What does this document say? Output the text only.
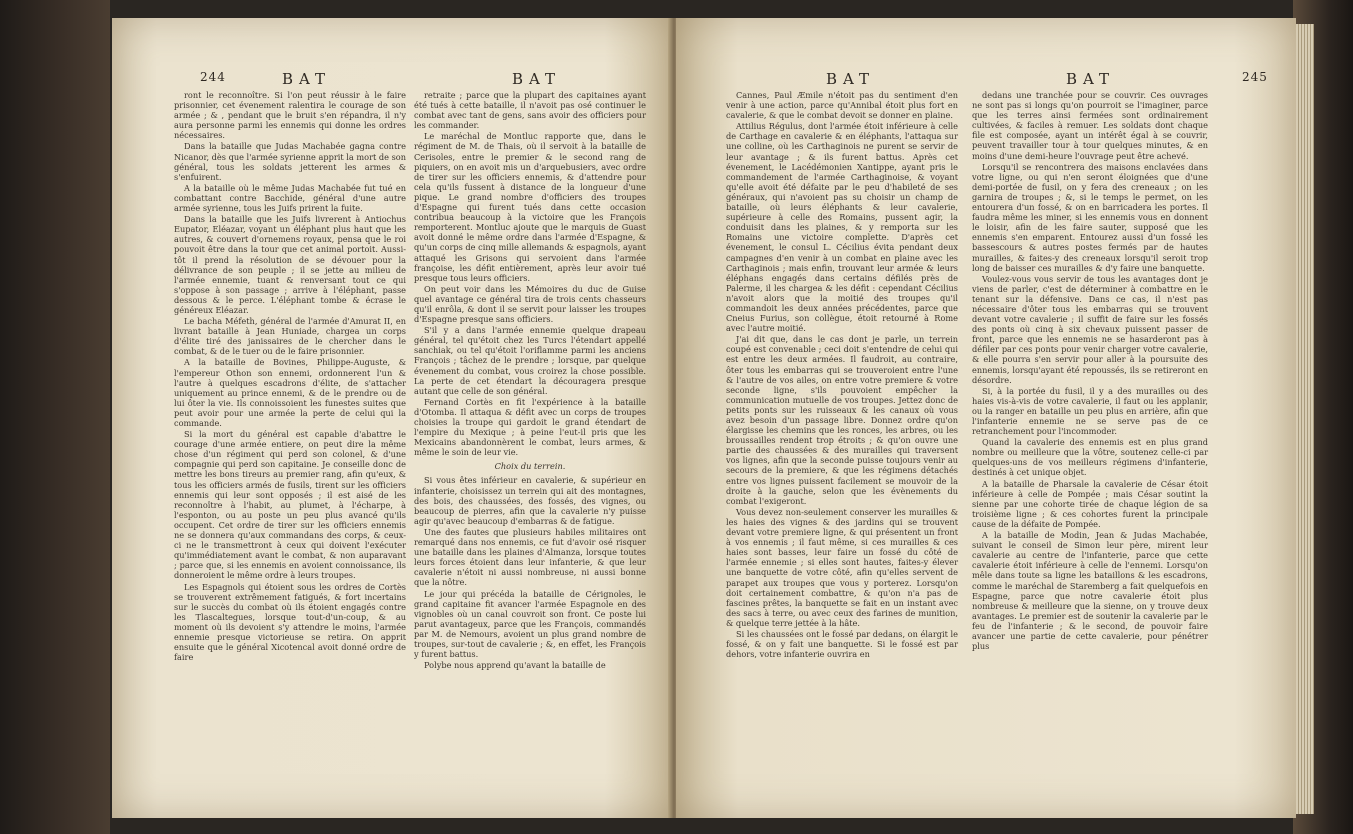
244	BAT	BAT

ront le reconnoître. Si l'on peut réussir à le faire prisonnier, cet évenement ralentira le courage de son armée ; & , pendant que le bruit s'en répandra, il n'y aura personne parmi les ennemis qui donne les ordres nécessaires.

Dans la bataille que Judas Machabée gagna contre Nicanor, dès que l'armée syrienne apprit la mort de son général, tous les soldats jetterent les armes & s'enfuirent.

A la bataille où le même Judas Machabée fut tué en combattant contre Bacchide, général d'une autre armée syrienne, tous les Juifs prirent la fuite.

Dans la bataille que les Juifs livrerent à Antiochus Eupator, Eléazar, voyant un éléphant plus haut que les autres, & couvert d'ornemens royaux, pensa que le roi pouvoit être dans la tour que cet animal portoit. Aussi-tôt il prend la résolution de se dévouer pour la délivrance de son peuple ; il se jette au milieu de l'armée ennemie, tuant & renversant tout ce qui s'oppose à son passage ; arrive à l'éléphant, passe dessous & le perce. L'éléphant tombe & écrase le généreux Eléazar.

Le bacha Méfeth, général de l'armée d'Amurat II, en livrant bataille à Jean Huniade, chargea un corps d'élite tiré des janissaires de le chercher dans le combat, & de le tuer ou de le faire prisonnier.

A la bataille de Bovines, Philippe-Auguste, & l'empereur Othon son ennemi, ordonnerent l'un & l'autre à quelques escadrons d'élite, de s'attacher uniquement au prince ennemi, & de le prendre ou de lui ôter la vie. Ils connoissoient les funestes suites que peut avoir pour une armée la perte de celui qui la commande.

Si la mort du général est capable d'abattre le courage d'une armée entiere, on peut dire la même chose d'un régiment qui perd son colonel, & d'une compagnie qui perd son capitaine. Je conseille donc de mettre les bons tireurs au premier rang, afin qu'eux, & tous les officiers armés de fusils, tirent sur les officiers ennemis qui leur sont opposés ; il est aisé de les reconnoître à l'habit, au plumet, à l'écharpe, à l'esponton, ou au poste un peu plus avancé qu'ils occupent. Cet ordre de tirer sur les officiers ennemis ne se donnera qu'aux commandans des corps, & ceux-ci ne le transmettront à ceux qui doivent l'exécuter qu'immédiatement avant le combat, & non auparavant ; parce que, si les ennemis en avoient connoissance, ils donneroient le même ordre à leurs troupes.

Les Espagnols qui étoient sous les ordres de Cortès se trouverent extrêmement fatigués, & fort incertains sur le succès du combat où ils étoient engagés contre les Tlascaltegues, lorsque tout-d'un-coup, & au moment où ils devoient s'y attendre le moins, l'armée ennemie presque victorieuse se retira. On apprit ensuite que le général Xicotencal avoit donné ordre de faire

retraite ; parce que la plupart des capitaines ayant été tués à cette bataille, il n'avoit pas osé continuer le combat avec tant de gens, sans avoir des officiers pour les commander.

Le maréchal de Montluc rapporte que, dans le régiment de M. de Thais, où il servoit à la bataille de Cerisoles, entre le premier & le second rang de piquiers, on en avoit mis un d'arquebusiers, avec ordre de tirer sur les officiers ennemis, & d'attendre pour cela qu'ils fussent à distance de la longueur d'une pique. Le grand nombre d'officiers des troupes d'Espagne qui furent tués dans cette occasion contribua beaucoup à la victoire que les François remporterent. Montluc ajoute que le marquis de Guast avoit donné le même ordre dans l'armée d'Espagne, & qu'un corps de cinq mille allemands & espagnols, ayant attaqué les Grisons qui servoient dans l'armée françoise, les défit entièrement, après leur avoir tué presque tous leurs officiers.

On peut voir dans les Mémoires du duc de Guise quel avantage ce général tira de trois cents chasseurs qu'il enrôla, & dont il se servit pour laisser les troupes d'Espagne presque sans officiers.

S'il y a dans l'armée ennemie quelque drapeau général, tel qu'étoit chez les Turcs l'étendart appellé sanchiak, ou tel qu'étoit l'oriflamme parmi les anciens François ; tâchez de le prendre ; lorsque, par quelque évenement du combat, vous croirez la chose possible. La perte de cet étendart la découragera presque autant que celle de son général.

Fernand Cortès en fit l'expérience à la bataille d'Otomba. Il attaqua & défit avec un corps de troupes choisies la troupe qui gardoit le grand étendart de l'empire du Mexique ; à peine l'eut-il pris que les Mexicains abandonnèrent le combat, leurs armes, & même le soin de leur vie.

Choix du terrein.

Si vous êtes inférieur en cavalerie, & supérieur en infanterie, choisissez un terrein qui ait des montagnes, des bois, des chaussées, des fossés, des vignes, ou beaucoup de pierres, afin que la cavalerie n'y puisse agir qu'avec beaucoup d'embarras & de fatigue.

Une des fautes que plusieurs habiles militaires ont remarqué dans nos ennemis, ce fut d'avoir osé risquer une bataille dans les plaines d'Almanza, lorsque toutes leurs forces étoient dans leur infanterie, & que leur cavalerie n'étoit ni aussi nombreuse, ni aussi bonne que la nôtre.

Le jour qui précéda la bataille de Cérignoles, le grand capitaine fit avancer l'armée Espagnole en des vignobles où un canal couvroit son front. Ce poste lui parut avantageux, parce que les François, commandés par M. de Nemours, avoient un plus grand nombre de troupes, sur-tout de cavalerie ; &, en effet, les François y furent battus.

Polybe nous apprend qu'avant la bataille de

BAT	BAT	245

Cannes, Paul Æmile n'étoit pas du sentiment d'en venir à une action, parce qu'Annibal étoit plus fort en cavalerie, & que le combat devoit se donner en plaine.

Attilius Régulus, dont l'armée étoit inférieure à celle de Carthage en cavalerie & en éléphants, l'attaqua sur une colline, où les Carthaginois ne purent se servir de leur avantage ; & ils furent battus. Après cet évenement, le Lacédémonien Xantippe, ayant pris le commandement de l'armée Carthaginoise, & voyant qu'elle avoit été défaite par le peu d'habileté de ses généraux, qui n'avoient pas su choisir un champ de bataille, où leurs éléphants & leur cavalerie, supérieure à celle des Romains, pussent agir, la conduisit dans les plaines, & y remporta sur les Romains une victoire complette. D'après cet évenement, le consul L. Cécilius évita pendant deux campagnes d'en venir à un combat en plaine avec les Carthaginois ; mais enfin, trouvant leur armée & leurs éléphans engagés dans certains défilés près de Palerme, il les chargea & les défit : cependant Cécilius n'avoit alors que la moitié des troupes qu'il commandoit les deux années précédentes, parce que Cneius Furius, son collègue, étoit retourné à Rome avec l'autre moitié.

J'ai dit que, dans le cas dont je parle, un terrein coupé est convenable ; ceci doit s'entendre de celui qui est entre les deux armées. Il faudroit, au contraire, ôter tous les embarras qui se trouveroient entre l'une & l'autre de vos ailes, on entre votre premiere & votre seconde ligne, s'ils pouvoient empêcher la communication mutuelle de vos troupes. Jettez donc de petits ponts sur les ruisseaux & les canaux où vous avez besoin d'un passage libre. Donnez ordre qu'on élargisse les chemins que les ronces, les arbres, ou les broussailles rendent trop étroits ; & qu'on ouvre une partie des chaussées & des murailles qui traversent vos lignes, afin que la seconde puisse toujours venir au secours de la premiere, & que les régimens détachés entre vos lignes puissent facilement se mouvoir de la droite à la gauche, selon que les évènements du combat l'exigeront.

Vous devez non-seulement conserver les murailles & les haies des vignes & des jardins qui se trouvent devant votre premiere ligne, & qui présentent un front à vos ennemis ; il faut même, si ces murailles & ces haies sont basses, leur faire un fossé du côté de l'armée ennemie ; si elles sont hautes, faites-y élever une banquette de votre côté, afin qu'elles servent de parapet aux troupes que vous y porterez. Lorsqu'on doit certainement combattre, & qu'on n'a pas de fascines prêtes, la banquette se fait en un instant avec des sacs à terre, ou avec ceux des farines de munition, & quelque terre jettée à la hâte.

Si les chaussées ont le fossé par dedans, on élargit le fossé, & on y fait une banquette. Si le fossé est par dehors, votre infanterie ouvrira en

dedans une tranchée pour se couvrir. Ces ouvrages ne sont pas si longs qu'on pourroit se l'imaginer, parce que les terres ainsi fermées sont ordinairement cultivées, & faciles à remuer. Les soldats dont chaque file est composée, ayant un intérêt égal à se couvrir, peuvent travailler tour à tour quelques minutes, & en moins d'une demi-heure l'ouvrage peut être achevé.

Lorsqu'il se rencontrera des maisons enclavées dans votre ligne, ou qui n'en seront éloignées que d'une demi-portée de fusil, on y fera des creneaux ; on les garnira de troupes ; &, si le temps le permet, on les entourera d'un fossé, & on en barricadera les portes. Il faudra même les miner, si les ennemis vous en donnent le loisir, afin de les faire sauter, supposé que les ennemis s'en emparent. Entourez aussi d'un fossé les bassescours & autres postes fermés par de hautes murailles, & faites-y des creneaux lorsqu'il seroit trop long de baisser ces murailles & d'y faire une banquette.

Voulez-vous vous servir de tous les avantages dont je viens de parler, c'est de déterminer à combattre en le tenant sur la défensive. Dans ce cas, il n'est pas nécessaire d'ôter tous les embarras qui se trouvent devant votre cavalerie ; il suffit de faire sur les fossés des ponts où cinq à six chevaux puissent passer de front, parce que les ennemis ne se hasarderont pas à défiler par ces ponts pour venir charger votre cavalerie, & elle pourra s'en servir pour aller à la poursuite des ennemis, lorsqu'ayant été repoussés, ils se retireront en désordre.

Si, à la portée du fusil, il y a des murailles ou des haies vis-à-vis de votre cavalerie, il faut ou les applanir, ou la ranger en bataille un peu plus en arrière, afin que l'infanterie ennemie ne se serve pas de ce retranchement pour l'incommoder.

Quand la cavalerie des ennemis est en plus grand nombre ou meilleure que la vôtre, soutenez celle-ci par quelques-uns de vos meilleurs régimens d'infanterie, destinés à cet unique objet.

A la bataille de Pharsale la cavalerie de César étoit inférieure à celle de Pompée ; mais César soutint la sienne par une cohorte tirée de chaque légion de sa troisième ligne ; & ces cohortes furent la principale cause de la défaite de Pompée.

A la bataille de Modin, Jean & Judas Machabée, suivant le conseil de Simon leur père, mirent leur cavalerie au centre de l'infanterie, parce que cette cavalerie étoit inférieure à celle de l'ennemi. Lorsqu'on mêle dans toute sa ligne les bataillons & les escadrons, comme le maréchal de Staremberg a fait quelquefois en Espagne, parce que notre cavalerie étoit plus nombreuse & meilleure que la sienne, on y trouve deux avantages. Le premier est de soutenir la cavalerie par le feu de l'infanterie ; & le second, de pouvoir faire avancer une partie de cette cavalerie, pour pénétrer plus
